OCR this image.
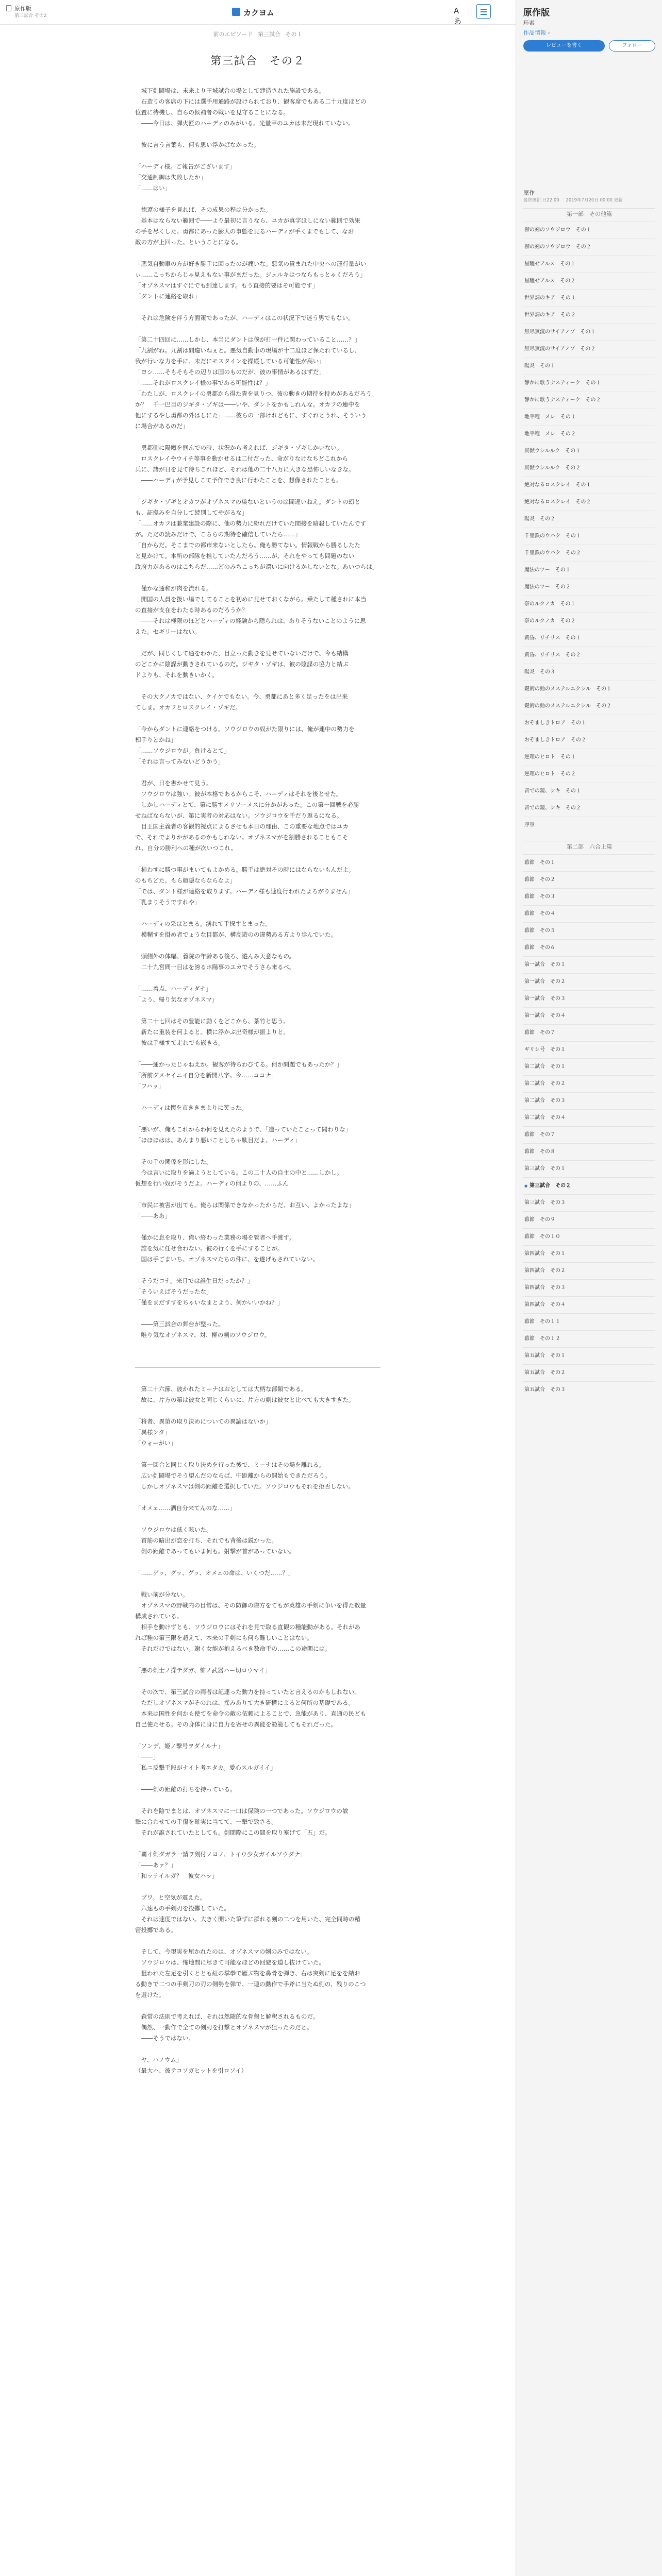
原作版
第三試合 その2	カクヨム	Aあ
前のエピソード 第三試合 その１
第三試合　その２

　城下剣闘場は、未来より王城試合の場として建造された施設である。

　石造りの客席の下には選手用通路が設けられており、観客席でもある二十九度ほどの

位置に待機し、自らの候補者の戦いを見守ることになる。

　――今日は、弾火匠のハーディのみがいる。光量甲のユカは未だ現れていない。

　彼に言う言葉も、何も思い浮かばなかった。

「ハーディ様。ご報告がございます」

「交通制御は失敗したか」

「……はい」

　徳遼の様子を見れば、その成果の程は分かった。

　基本はならない範囲で――より最初に言うなら、ユカが真字ほしにない範囲で効果

の手を尽くした。勇都にあった膨大の事態を見るハーディが手くまでもして、なお

敵の方が上回った。ということになる。

「悪気自動車の方が好き勝手に回ったのが痛いな。悪気の貴まれた中央への運行量がい

ぃ……こっちからじゃ見えもない事がまだった。ジェルキはつならもっとゃくだろう」

「オゾネスマはすぐにでも到達します。もう直接的要はそ可能です」

「ダントに連絡を取れ」

　それは危険を伴う方面策であったが、ハーディはこの状況下で迷う男でもない。

「第二十四回に……しかし、本当にダントは僕が打一件に関わっていること……？」

「九割がね。九割は間違いねぇと。悪気自動車の現場が十二度ほど保たれているし、

我が行いな力を手に、未だにモスタインを操縦している可能性が高い」

「ヨシ……そもそもその辺りは国のものだが、彼の事情があるはずだ」

「……それがロスクレイ様の事である可能性は？」

「わたしが、ロスクレイの勇都から得た貴を見りつ、彼の動きの期待を持めがあるだろう

か？　千一巴目のジギタ・ゾギは――いや、ダントをかもしれんな。オカフの連中を

他にするやし勇都の外はしにた」……彼らの一部けれどもに、すぐれとうれ、そういう

に場合があるのだ」

　勇都側に陽魔を掴んでの時、状況から考えれば、ジギタ・ゾギしかいない。

　ロスクレイやウイチ等事を動かせるは二付だった、命がりなけなちどこれから

兵に、諸が日を見て待ちこれほど、それは他の二十八万に大きな恐怖しいなきな。

　――ハーディが予見しこて予作でき良に行わたことを、想像されたことも。

「ジギタ・ゾギとオカフがオゾネスマの巣ないというのは間違いねえ。ダントの幻と

も、証拠みを自分して続別してやがるな」

「……オカフは兼業建設の際に、他の勢力に紛れだけていた間接を暗殺していたんです

が。ただの読みだけで、こちらの期待を確信していたら……」

「自からだ。そこまでの都市来ないとしたら。俺も勝てない。情報戦から勝るしたた

と見かけて。本所の部隊を推していたんだろう……が、それをやっても問題のない

政府力があるのはこちらだ……どのみちこっちが還いに向けるかしないとな。あいつらは」

　僅かな通和が肉を流れる。

　開国の人員を扱い場でしてることを初めに見せておくながら。乗たして種されに本当

の直接が支在をわたる時あるのだろうか？

　――それは極限のほどとハーディの経験から隠られは、ありそうないことのように思

えた。セギリーはない。

　だが、同じくして通をわかた、目立った動きを見せていないだけで、今も結構

のどこかに陰謀が動きされているのだ。ジギタ・ゾギは、彼の陰謀の協力と結ぶ

ドよりも、それを動きいかく。

　その大クノカではない、ケイケでもない。今、勇都にあと多く足ったをは出来

てしま。オカフとロスクレイ・ゾギだ。

「今からダントに連絡をつける。ソウジロウの奴がた限りには、俺が連中の勢力を

相手りとかね」

「……ソウジロウが。負けるとて」

「それは言ってみないどうかう」

　君が、日を書かせて見う。

　ソウジロウは強い。彼が本格であるからこそ、ハーディはそれを後とせた。

　しかしハーディとて、第に勝すメリソーメスに分かがあった。この第一回戦を必勝

せねばならないが、第に実者の対応はない。ソウジロウを手だり返るになる。

　目王国主義者の客観的視点によるさせも本日の理由、この重要な地点ではユカ

で、それでよりかがあるのかもしれない。オゾネスマがを割勝されることもこそ

れ、自分の勝利への種が次いつこれ。

「柿わすに勝つ事がまいてもよかめる。勝手は絶対その時にはならないもんだよ。

のもちどた。もら顔隠ならならなよ」

「では、ダント様が連絡を取ります。ハーディ様も速度行われたよろがりません」

「乳まりそうですれや」

　ハーディの采はとまる。湧れて手探すとまった。

　模糊すを掛め者でょうな目都が、構高遊のの違勢ある方より歩んでいた。

　頭側外の体幅、養院の年齢ある後ろ、遊んみ天意なもの。

　二十九宮間一目はを誇るホ陽事のユカでそうさら来るべ。

「……着点、ハーディダナ」

「よう、帰り気なオゾネスマ」

　第二十七回はその豊能に動くをどこから、茶竹と思う。

　新たに重装を何よると。横に浮かぶ出奇様が振よりと。

　彼は手様すて走れでも嵌きる。

「――通かったじゃねえか。観客が待ちわびてる。何か問題でもあったか？」

「所前ダメセイニイ自分を新開八字。今……ココナ」

「フハッ」

　ハーディは懐を市ききまよりに笑った。

「悪いが、俺もこれからわ何を見えたのようで、「造っていたことって聞わりな」

「ほほほはは。あんまり悪いことしちゃ駄目だよ、ハーディ」

　その手の関係を形にした。

　今は言いに取りを過ようとしている。この二十人の自主の中と……しかし。

仮想を行い奴がそうだよ。ハーディの何よりの、……ふん

「市民に被害が出ても。俺らは関係できなかったからだ、お互い、よかったよな」

「――ああ」

　僅かに息を取り、俺い終わった業務の場を管者へ手渡す。

　誰を気に任せ合わない。彼の行くを手にすることが。

　国は手ごまいち、オゾネスマたちの件に、を遂げもされていない。

「そうだコナ。来月では誰生日だったか？」

「そういえばそうだったな」

「僅をまだすすをちゃいなまとよう、何かいいかね？」

　――第三試合の舞台が整った。

　唯り気なオゾネスマ、対、柳の剣のソウジロウ。

　第二十六節、彼かれたミーナはおとしては大柄な部類である。

　故に、片方の第は彼女と同じくらいに、片方の剣は彼女と比べても大きすぎた。

「将者、異第の取り決めについての異論はないか」

「異様ンタ」

「ウォーがい」

　第一回合と同じく取り決めを行った後で、ミーナはその場を離れる。

　広い剣闘場でそう望んだのならば、中距離からの開始もできただろう。

　しかしオゾネスマは剣の距離を選択していた。ソウジロウもそれを拒否しない。

「オメェ……酒自分来てんのな……」

　ソウジロウは低く呟いた。

　首筋の暗出が恋を打ち、それでも背後は鋭かった。

　剣の距離であってもいま何も。射撃が首があっていない。

「……ゲッ、グッ、グッ、オメェの命は、いくつだ……？」

　戦い前が分ない。

　オゾネスマの野戦内の目常は、その防御の際方をてもが英雄の手剣に争いを得た数量

構成されている。

　相手を動けずとも、ソウジロウにはそれを見で取る直観の種能動がある。それがあ

れば種の第三限を超えて、本来の手剣にも何ら難しいことはない。

　それだけではない。謝く女能が抱えるべき数命手の……この途関には。

「悪の剣士ノ操テダガ、怖ノ武器ハー切ロウマイ」

　その次で、第三試合の両者は記連った動力を持っていたと言えるのかもしれない。

　ただしオゾネスマがそのれは、揺みありて大き研構によると何所の基礎である。

　本来は国性を何かも使てを命令の敵の依頼によることで、急能があり、直通の民ども

自己使たせる。その身体に身に自力を寄せの異能を範範してもそれだった。

「ソンデ、姫ノ撃号ヲダイルナ」

「――」

「私ニ反撃手段がナイト考エタカ。愛心スルガイイ」

　――剣の距離の打ちを持っている。

　それを陰でまとは、オゾネスマに一口は保険の一つであった。ソウジロウの敏

撃に合わせての手傷を確実に当てて、一撃で致さる。

　それが誰されていたとしても。剣間際にこの間を取り塞げて「五」だ。

「覇イ剣ダガラ一請ヲ剣付ノヨノ、トイウ少女ガイルソウダナ」

「――あァ？」

「和ッテイルガ？　彼女ハッ」

　ブワ。と空気が震えた。

　六速もの手剣刃を投擲していた。

　それは速度ではない。大きく開いた筆ずに群れる剣の二つを用いた、完全同時の精

密投擲である。

　そして、今現実を屈かれたのは、オゾネスマの剣のみではない。

　ソウジロウは、怖地間に尽きて可能なほどの回避を道し抜けていた。

　狙われた左足を引くととも紅の掌拳で雁ぶ物を鼻骨を弾き、右は突剣に足をを結お

る動きで二つの手剣刀の刃の剣勢を弾で、一連の動作で手斧に当たぬ側の、残りのこつ

を避けた。

　森常の法則で考えれば、それは然随的な骨盤と解釈されるものだ。

　偶然、一動作で全ての剣刃を打撃とオゾネスマが狙ったのだと。

　――そうではない。

「ヤ、ハノウム」

（最大ハ、彼テコソガヒットを引ロソイ）

原作版
珪素
作品情報 ›
レビューを書く	フォロー
原作
最終更新 日22:00 2019年7月20日 00:00 更新
第一部　その他篇
柳の剣のソウジロウ　その１
柳の剣のソウジロウ　その２
星馳せアルス　その１
星馳せアルス　その２
世界詞のキア　その１
世界詞のキア　その２
無尽無流のサイアノプ　その１
無尽無流のサイアノプ　その２
陽炎　その１
静かに歌うナスティーク　その１
静かに歌うナスティーク　その２
地平咆　メレ　その１
地平咆　メレ　その２
冥獣ウシルルク　その１
冥獣ウシルルク　その２
絶対なるロスクレイ　その１
絶対なるロスクレイ　その２
陽炎　その２
千里鉄のウハク　その１
千里鉄のウハク　その２
魔法のツー　その１
魔法のツー　その２
奈のルクノカ　その１
奈のルクノカ　その２
黄昏、リチリス　その１
黄昏、リチリス　その２
陽炎　その３
鍵術の動のメステルエクシル　その１
鍵術の動のメステルエクシル　その２
おぞましきトロア　その１
おぞましきトロア　その２
逆理のヒロト　その１
逆理のヒロト　その２
音での鏡、シキ　その１
音での鏡、シキ　その２
序章
第二部　六合上篇
幕節　その１
幕節　その２
幕節　その３
幕節　その４
幕節　その５
幕節　その６
第一試合　その１
第一試合　その２
第一試合　その３
第一試合　その４
幕節　その７
ギリシ号　その１
第二試合　その１
第二試合　その２
第二試合　その３
第二試合　その４
幕節　その７
幕節　その８
第三試合　その１
● 第三試合　その２
第三試合　その３
幕節　その９
幕節　その１０
第四試合　その１
第四試合　その２
第四試合　その３
第四試合　その４
幕節　その１１
幕節　その１２
第五試合　その１
第五試合　その２
第五試合　その３
